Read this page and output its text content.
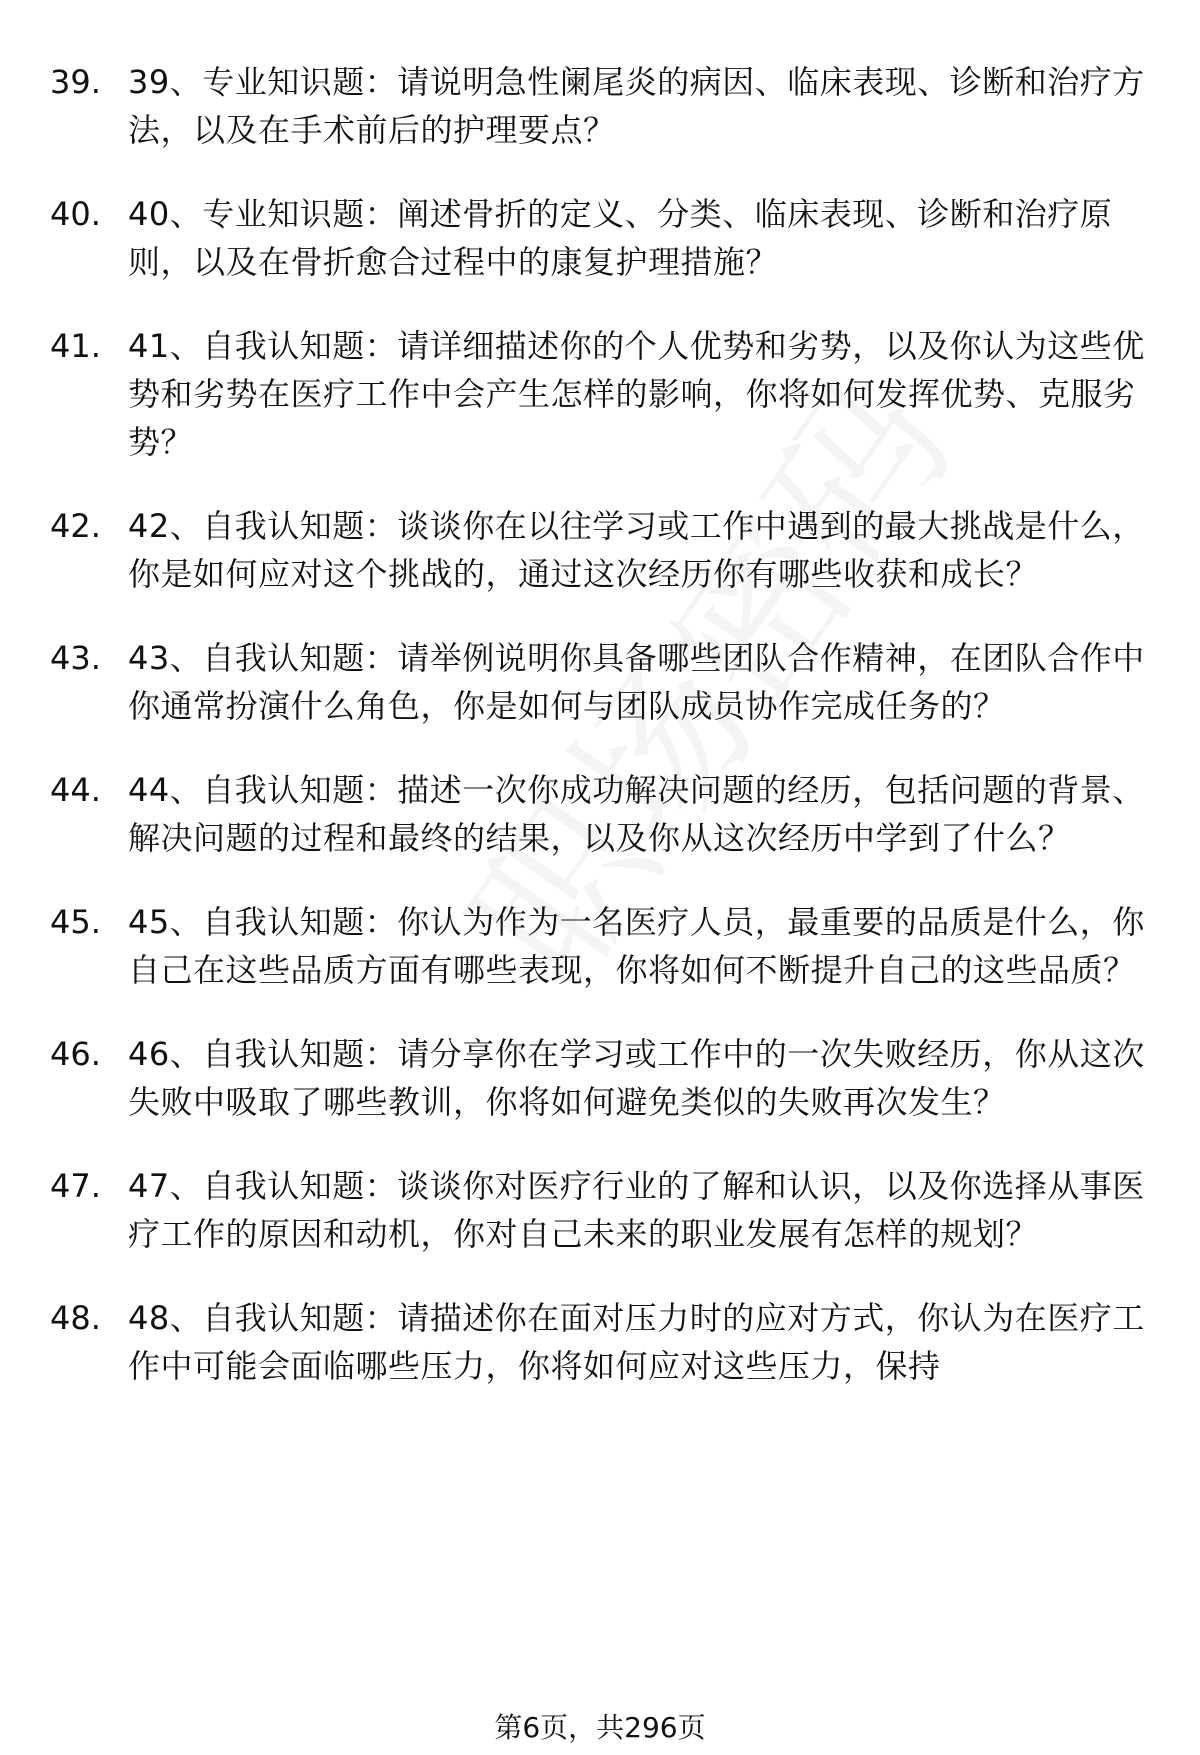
39. 39、专业知识题：请说明急性阑尾炎的病因、临床表现、诊断和治疗方法，以及在手术前后的护理要点？
40. 40、专业知识题：阐述骨折的定义、分类、临床表现、诊断和治疗原则，以及在骨折愈合过程中的康复护理措施？
41. 41、自我认知题：请详细描述你的个人优势和劣势，以及你认为这些优势和劣势在医疗工作中会产生怎样的影响，你将如何发挥优势、克服劣势？
42. 42、自我认知题：谈谈你在以往学习或工作中遇到的最大挑战是什么，你是如何应对这个挑战的，通过这次经历你有哪些收获和成长？
43. 43、自我认知题：请举例说明你具备哪些团队合作精神，在团队合作中你通常扮演什么角色，你是如何与团队成员协作完成任务的？
44. 44、自我认知题：描述一次你成功解决问题的经历，包括问题的背景、解决问题的过程和最终的结果，以及你从这次经历中学到了什么？
45. 45、自我认知题：你认为作为一名医疗人员，最重要的品质是什么，你自己在这些品质方面有哪些表现，你将如何不断提升自己的这些品质？
46. 46、自我认知题：请分享你在学习或工作中的一次失败经历，你从这次失败中吸取了哪些教训，你将如何避免类似的失败再次发生？
47. 47、自我认知题：谈谈你对医疗行业的了解和认识，以及你选择从事医疗工作的原因和动机，你对自己未来的职业发展有怎样的规划？
48. 48、自我认知题：请描述你在面对压力时的应对方式，你认为在医疗工作中可能会面临哪些压力，你将如何应对这些压力，保持
第6页，共296页
